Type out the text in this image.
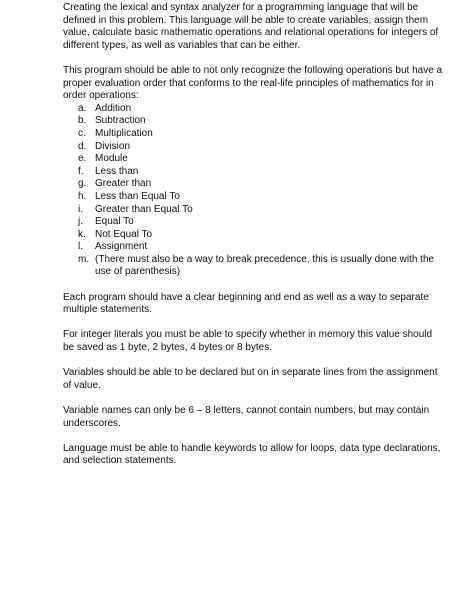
Creating the lexical and syntax analyzer for a programming language that will be defined in this problem. This language will be able to create variables, assign them value, calculate basic mathematic operations and relational operations for integers of different types, as well as variables that can be either.

This program should be able to not only recognize the following operations but have a proper evaluation order that conforms to the real-life principles of mathematics for in order operations:

a. Addition
b. Subtraction
c. Multiplication
d. Division
e. Module
f. Less than
g. Greater than
h. Less than Equal To
i. Greater than Equal To
j. Equal To
k. Not Equal To
l. Assignment
m. (There must also be a way to break precedence, this is usually done with the use of parenthesis)

Each program should have a clear beginning and end as well as a way to separate multiple statements.

For integer literals you must be able to specify whether in memory this value should be saved as 1 byte, 2 bytes, 4 bytes or 8 bytes.

Variables should be able to be declared but on in separate lines from the assignment of value.

Variable names can only be 6 – 8 letters, cannot contain numbers, but may contain underscores.

Language must be able to handle keywords to allow for loops, data type declarations, and selection statements.
